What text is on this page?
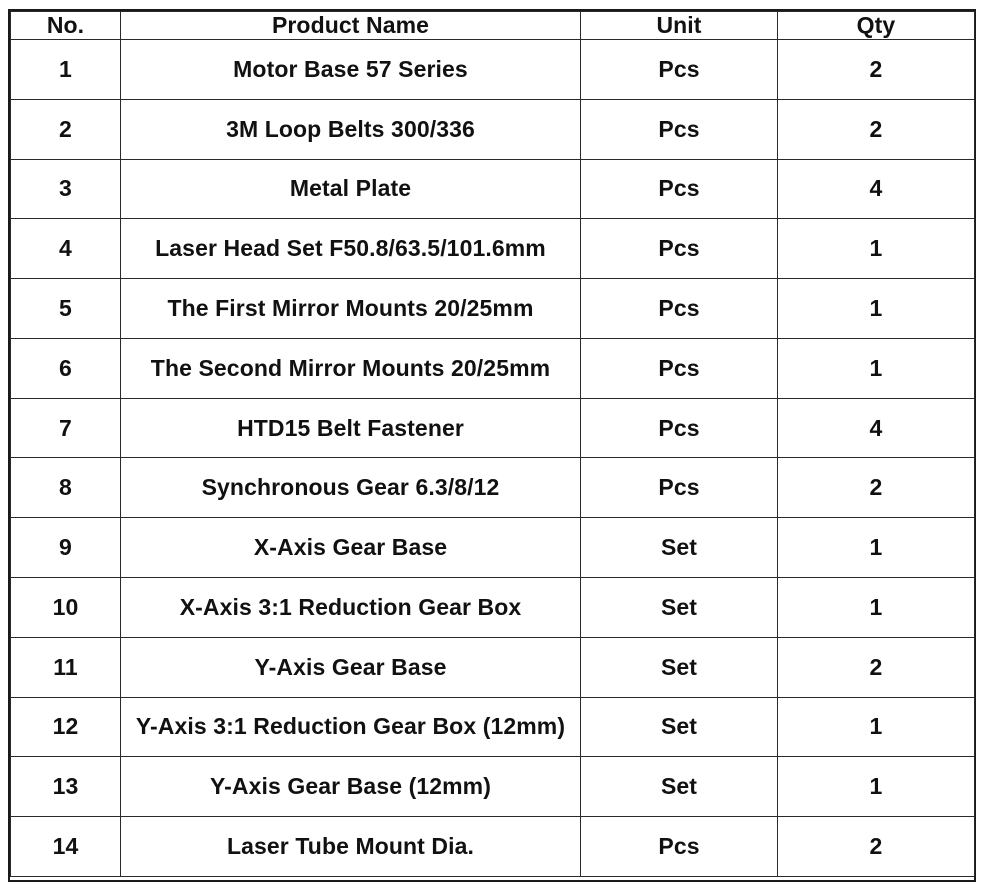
No.	Product Name	Unit	Qty
1	Motor Base 57 Series	Pcs	2
2	3M Loop Belts 300/336	Pcs	2
3	Metal Plate	Pcs	4
4	Laser Head Set F50.8/63.5/101.6mm	Pcs	1
5	The First Mirror Mounts 20/25mm	Pcs	1
6	The Second Mirror Mounts 20/25mm	Pcs	1
7	HTD15 Belt Fastener	Pcs	4
8	Synchronous Gear 6.3/8/12	Pcs	2
9	X-Axis Gear Base	Set	1
10	X-Axis 3:1 Reduction Gear Box	Set	1
11	Y-Axis Gear Base	Set	2
12	Y-Axis 3:1 Reduction Gear Box (12mm)	Set	1
13	Y-Axis Gear Base (12mm)	Set	1
14	Laser Tube Mount Dia.	Pcs	2
